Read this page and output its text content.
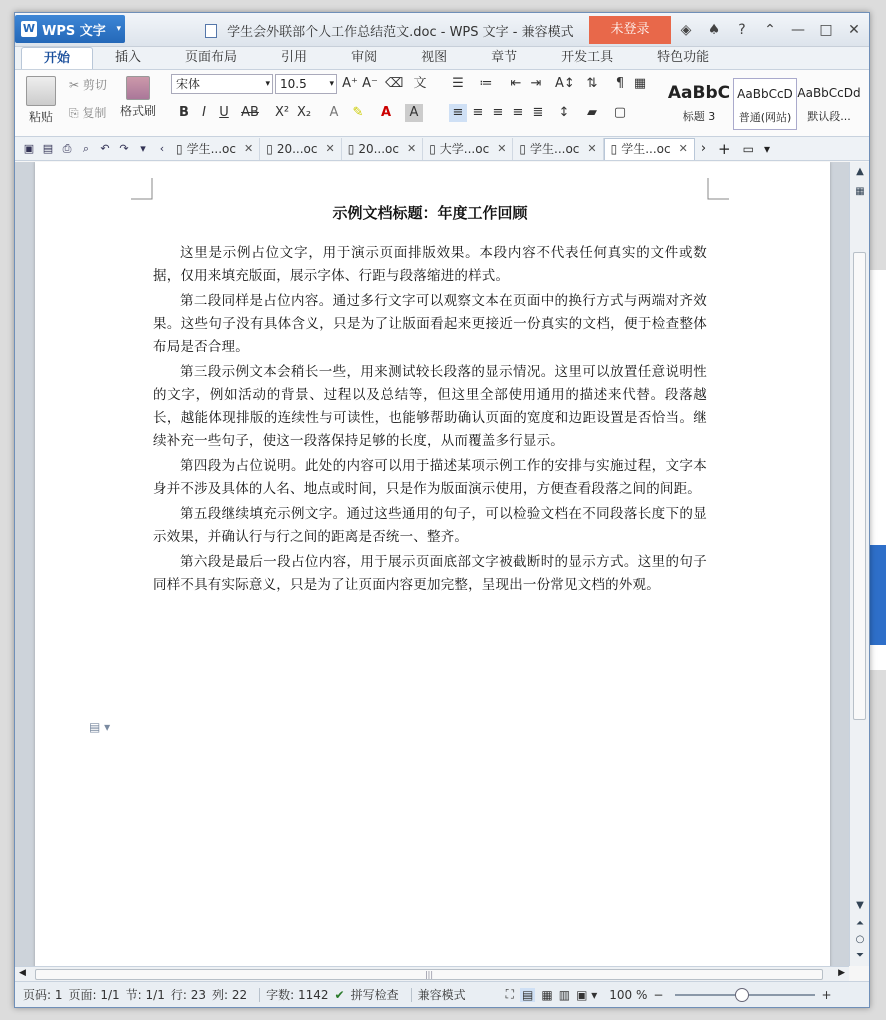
W WPS 文字 ▾	学生会外联部个人工作总结范文.doc - WPS 文字 - 兼容模式	未登录	◈	♠	?	⌃	—	□	✕
开始	插入	页面布局	引用	审阅	视图	章节	开发工具	特色功能
粘贴
✂ 剪切
⎘ 复制	格式刷
宋体	▾ 10.5	▾ A⁺ A⁻ ⌫ 文
B	I	U AB X² X₂	A	✎	A	A
☰ ≔ ⇤ ⇥ A↕ ⇅	¶ ▦
≡ ≡ ≡ ≡ ≣ ↕	▰	▢
AaBbC
标题 3
AaBbCcD
普通(网站)
AaBbCcDd
默认段...
▣ ▤ ⎙	⌕	↶ ↷	▾	‹ ▯ 学生...oc ✕ ▯ 20...oc ✕ ▯ 20...oc ✕ ▯ 大学...oc ✕ ▯ 学生...oc ✕ ▯ 学生...oc ✕ › + ▭ ▾
示例文档标题：年度工作回顾

这里是示例占位文字，用于演示页面排版效果。本段内容不代表任何真实的文件或数据，仅用来填充版面，展示字体、行距与段落缩进的样式。

第二段同样是占位内容。通过多行文字可以观察文本在页面中的换行方式与两端对齐效果。这些句子没有具体含义，只是为了让版面看起来更接近一份真实的文档，便于检查整体布局是否合理。

第三段示例文本会稍长一些，用来测试较长段落的显示情况。这里可以放置任意说明性的文字，例如活动的背景、过程以及总结等，但这里全部使用通用的描述来代替。段落越长，越能体现排版的连续性与可读性，也能够帮助确认页面的宽度和边距设置是否恰当。继续补充一些句子，使这一段落保持足够的长度，从而覆盖多行显示。

第四段为占位说明。此处的内容可以用于描述某项示例工作的安排与实施过程，文字本身并不涉及具体的人名、地点或时间，只是作为版面演示使用，方便查看段落之间的间距。

第五段继续填充示例文字。通过这些通用的句子，可以检验文档在不同段落长度下的显示效果，并确认行与行之间的距离是否统一、整齐。

第六段是最后一段占位内容，用于展示页面底部文字被截断时的显示方式。这里的句子同样不具有实际意义，只是为了让页面内容更加完整，呈现出一份常见文档的外观。

▤ ▾
▲
▦
▼
⏶
○
⏷
◀	|||	▶
页码: 1 页面: 1/1 节: 1/1 行: 23 列: 22 字数: 1142 ✔ 拼写检查 兼容模式	⛶ ▤ ▦ ▥ ▣ ▾ 100 % −	+
